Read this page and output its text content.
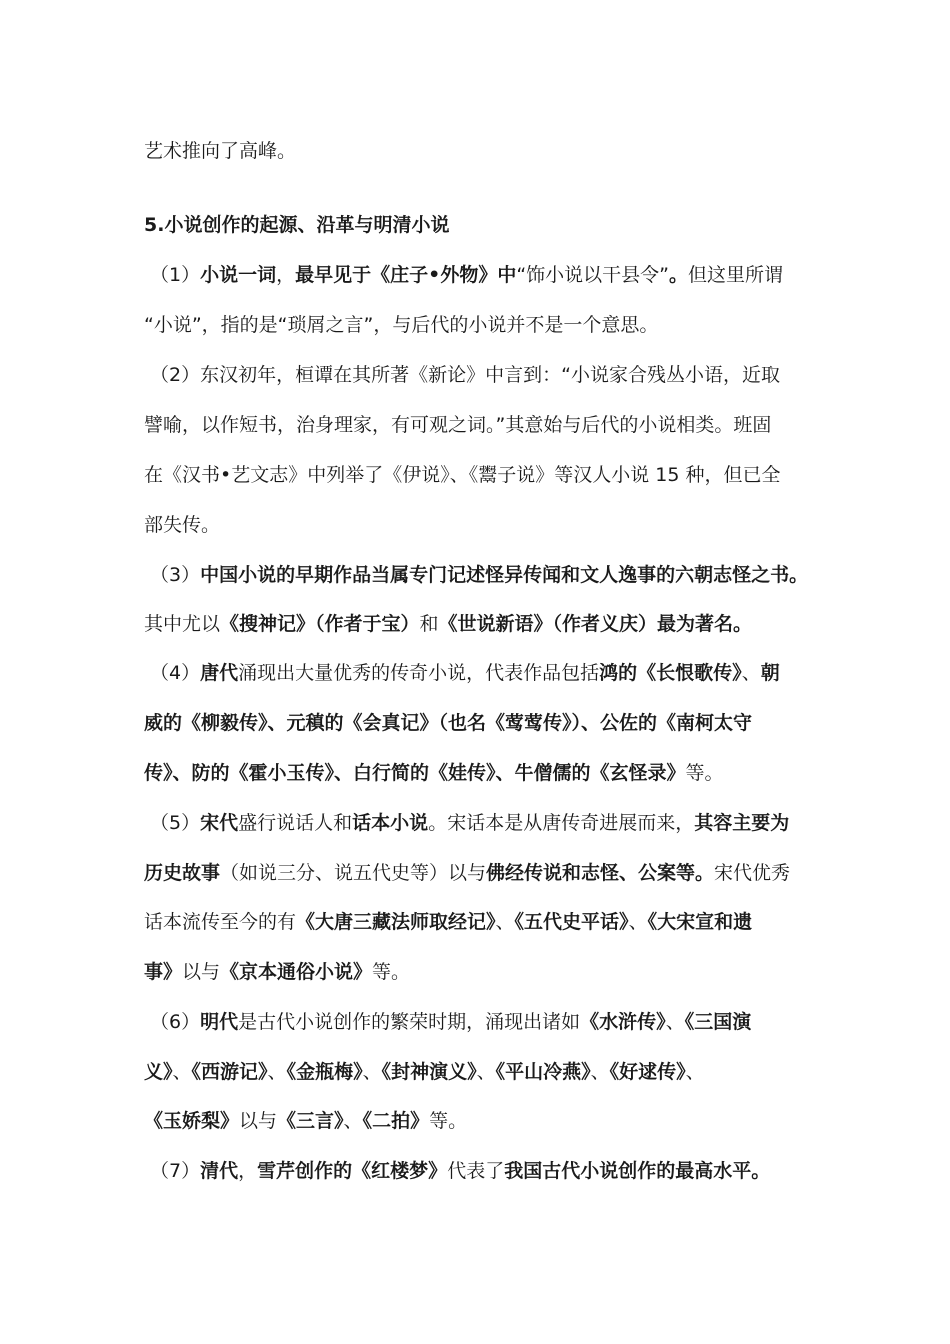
艺术推向了高峰。
5.小说创作的起源、沿革与明清小说
（1）小说一词，最早见于《庄子•外物》中“饰小说以干县令”。但这里所谓
“小说”，指的是“琐屑之言”，与后代的小说并不是一个意思。
（2）东汉初年，桓谭在其所著《新论》中言到：“小说家合残丛小语，近取
譬喻，以作短书，治身理家，有可观之词。”其意始与后代的小说相类。班固
在《汉书•艺文志》中列举了《伊说》、《鬻子说》等汉人小说 15 种，但已全
部失传。
（3）中国小说的早期作品当属专门记述怪异传闻和文人逸事的六朝志怪之书。
其中尤以《搜神记》（作者于宝）和《世说新语》（作者义庆）最为著名。
（4）唐代涌现出大量优秀的传奇小说，代表作品包括鸿的《长恨歌传》、朝
威的《柳毅传》、元稹的《会真记》（也名《莺莺传》）、公佐的《南柯太守
传》、防的《霍小玉传》、白行简的《娃传》、牛僧儒的《玄怪录》等。
（5）宋代盛行说话人和话本小说。宋话本是从唐传奇进展而来，其容主要为
历史故事（如说三分、说五代史等）以与佛经传说和志怪、公案等。宋代优秀
话本流传至今的有《大唐三藏法师取经记》、《五代史平话》、《大宋宣和遗
事》以与《京本通俗小说》等。
（6）明代是古代小说创作的繁荣时期，涌现出诸如《水浒传》、《三国演
义》、《西游记》、《金瓶梅》、《封神演义》、《平山冷燕》、《好逑传》、
《玉娇梨》以与《三言》、《二拍》等。
（7）清代，雪芹创作的《红楼梦》代表了我国古代小说创作的最高水平。
